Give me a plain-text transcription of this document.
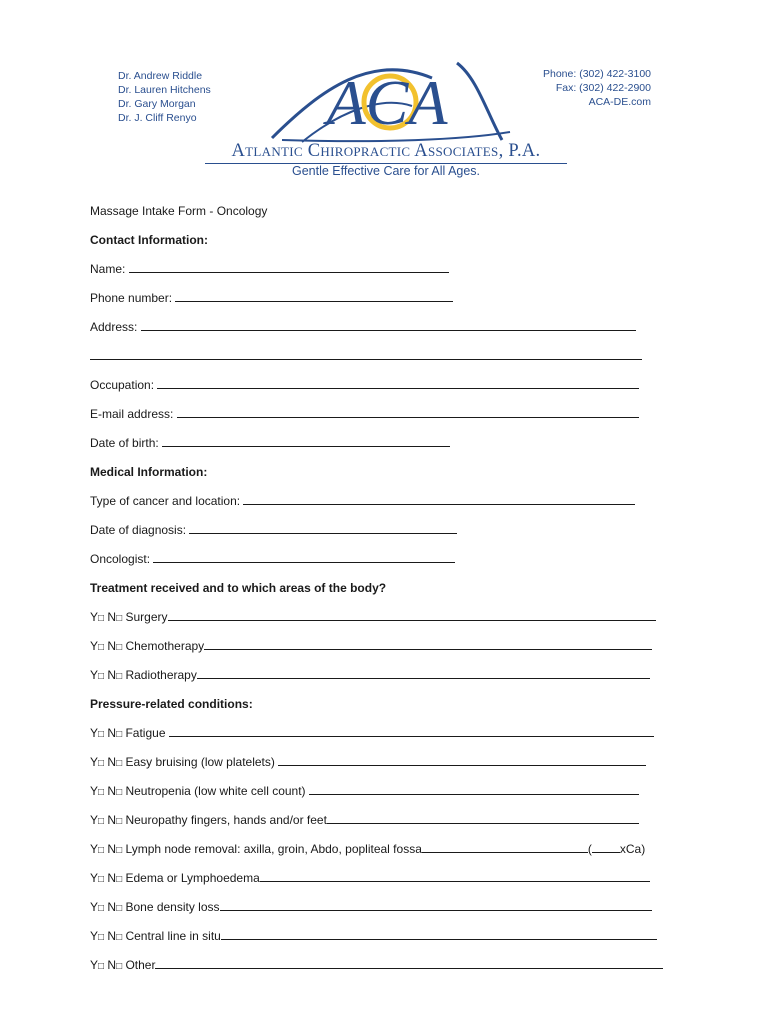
Dr. Andrew Riddle
Dr. Lauren Hitchens
Dr. Gary Morgan
Dr. J. Cliff Renyo ACA	Phone: (302) 422-3100
Fax: (302) 422-2900
ACA-DE.com
Atlantic Chiropractic Associates, P.A.
Gentle Effective Care for All Ages.
Massage Intake Form - Oncology
Contact Information:
Name:
Phone number:
Address:
Occupation:
E-mail address:
Date of birth:
Medical Information:
Type of cancer and location:
Date of diagnosis:
Oncologist:
Treatment received and to which areas of the body?
Y□ N□ Surgery
Y□ N□ Chemotherapy
Y□ N□ Radiotherapy
Pressure-related conditions:
Y□ N□ Fatigue
Y□ N□ Easy bruising (low platelets)
Y□ N□ Neutropenia (low white cell count)
Y□ N□ Neuropathy fingers, hands and/or feet
Y□ N□ Lymph node removal: axilla, groin, Abdo, popliteal fossa	( xCa)
Y□ N□ Edema or Lymphoedema
Y□ N□ Bone density loss
Y□ N□ Central line in situ
Y□ N□ Other
